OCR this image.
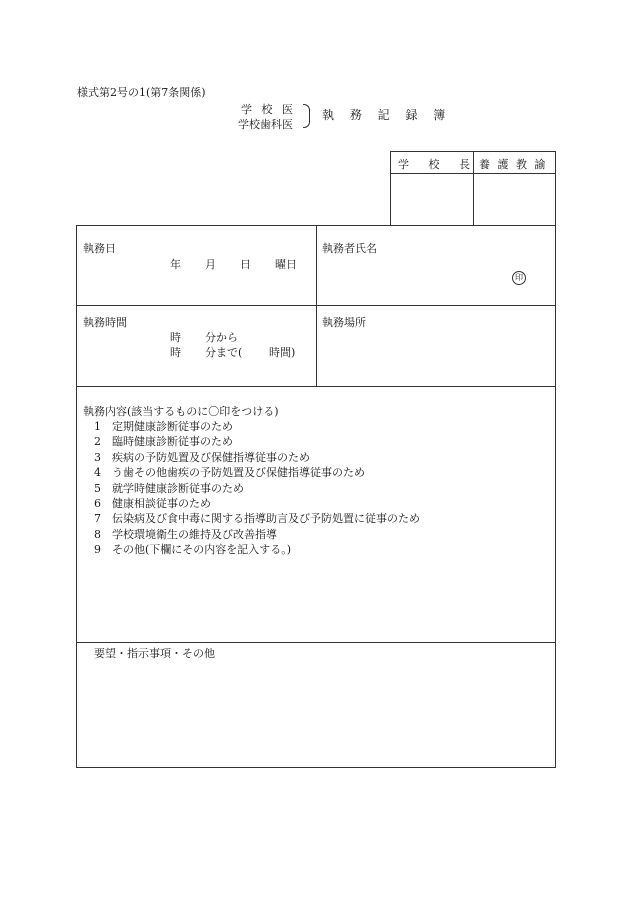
様式第2号の1(第7条関係)
学 校 医
学校歯科医
執 務 記 録 簿
学 校 長 養 護 教 諭
執務日
年 月 日 曜日
執務者氏名
印
執務時間
時 分から
時 分まで( 時間)
執務場所
執務内容(該当するものに〇印をつける)
1 定期健康診断従事のため
2 臨時健康診断従事のため
3 疾病の予防処置及び保健指導従事のため
4 う歯その他歯疾の予防処置及び保健指導従事のため
5 就学時健康診断従事のため
6 健康相談従事のため
7 伝染病及び食中毒に関する指導助言及び予防処置に従事のため
8 学校環境衛生の維持及び改善指導
9 その他(下欄にその内容を記入する。)
要望・指示事項・その他
